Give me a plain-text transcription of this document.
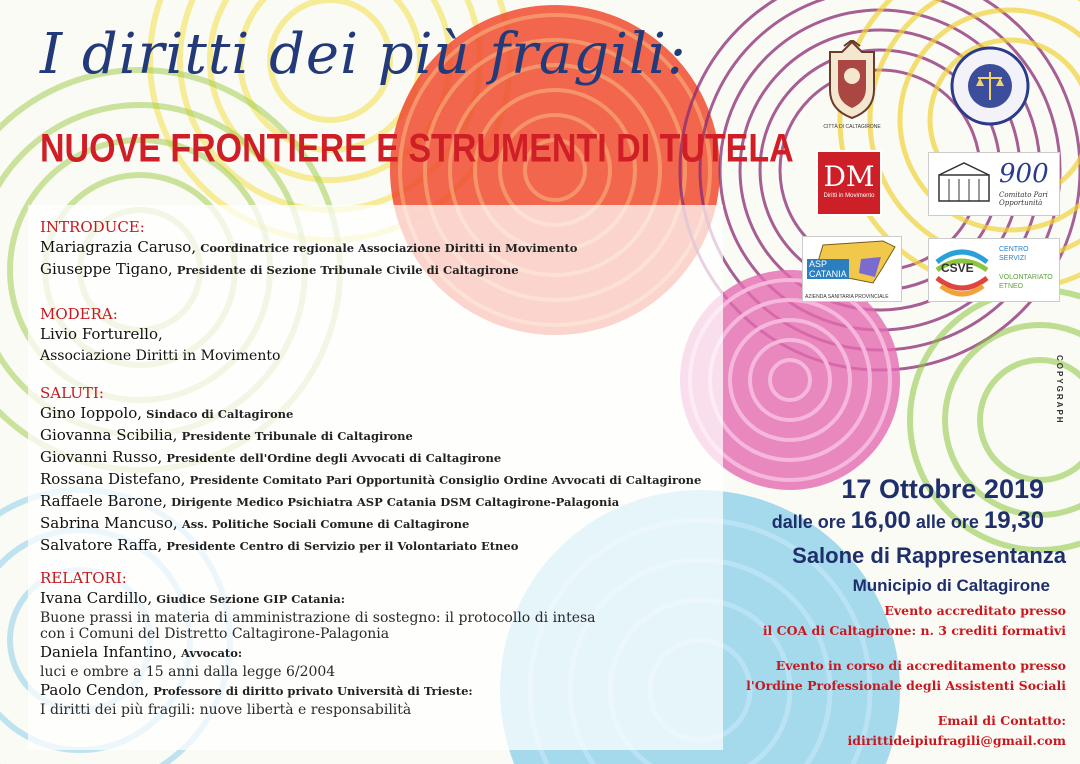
I diritti dei più fragili:
NUOVE FRONTIERE E STRUMENTI DI TUTELA
INTRODUCE:
Mariagrazia Caruso, Coordinatrice regionale Associazione Diritti in Movimento
Giuseppe Tigano, Presidente di Sezione Tribunale Civile di Caltagirone
MODERA:
Livio Forturello,
Associazione Diritti in Movimento
SALUTI:
Gino Ioppolo, Sindaco di Caltagirone
Giovanna Scibilia, Presidente Tribunale di Caltagirone
Giovanni Russo, Presidente dell'Ordine degli Avvocati di Caltagirone
Rossana Distefano, Presidente Comitato Pari Opportunità Consiglio Ordine Avvocati di Caltagirone
Raffaele Barone, Dirigente Medico Psichiatra ASP Catania DSM Caltagirone-Palagonia
Sabrina Mancuso, Ass. Politiche Sociali Comune di Caltagirone
Salvatore Raffa, Presidente Centro di Servizio per il Volontariato Etneo
RELATORI:
Ivana Cardillo, Giudice Sezione GIP Catania:
Buone prassi in materia di amministrazione di sostegno: il protocollo di intesa con i Comuni del Distretto Caltagirone-Palagonia
Daniela Infantino, Avvocato:
luci e ombre a 15 anni dalla legge 6/2004
Paolo Cendon, Professore di diritto privato Università di Trieste:
I diritti dei più fragili: nuove libertà e responsabilità
17 Ottobre 2019
dalle ore 16,00 alle ore 19,30
Salone di Rappresentanza
Municipio di Caltagirone
Evento accreditato presso
il COA di Caltagirone: n. 3 crediti formativi
Evento in corso di accreditamento presso
l'Ordine Professionale degli Assistenti Sociali
Email di Contatto:
idirittideipiufragili@gmail.com
CITTÀ DI CALTAGIRONE
DM
Diritti in Movimento
900
Comitato Pari Opportunità
ASP
CATANIA
AZIENDA SANITARIA PROVINCIALE
CSVE
CENTRO SERVIZI
VOLONTARIATO ETNEO
COPYGRAPH
